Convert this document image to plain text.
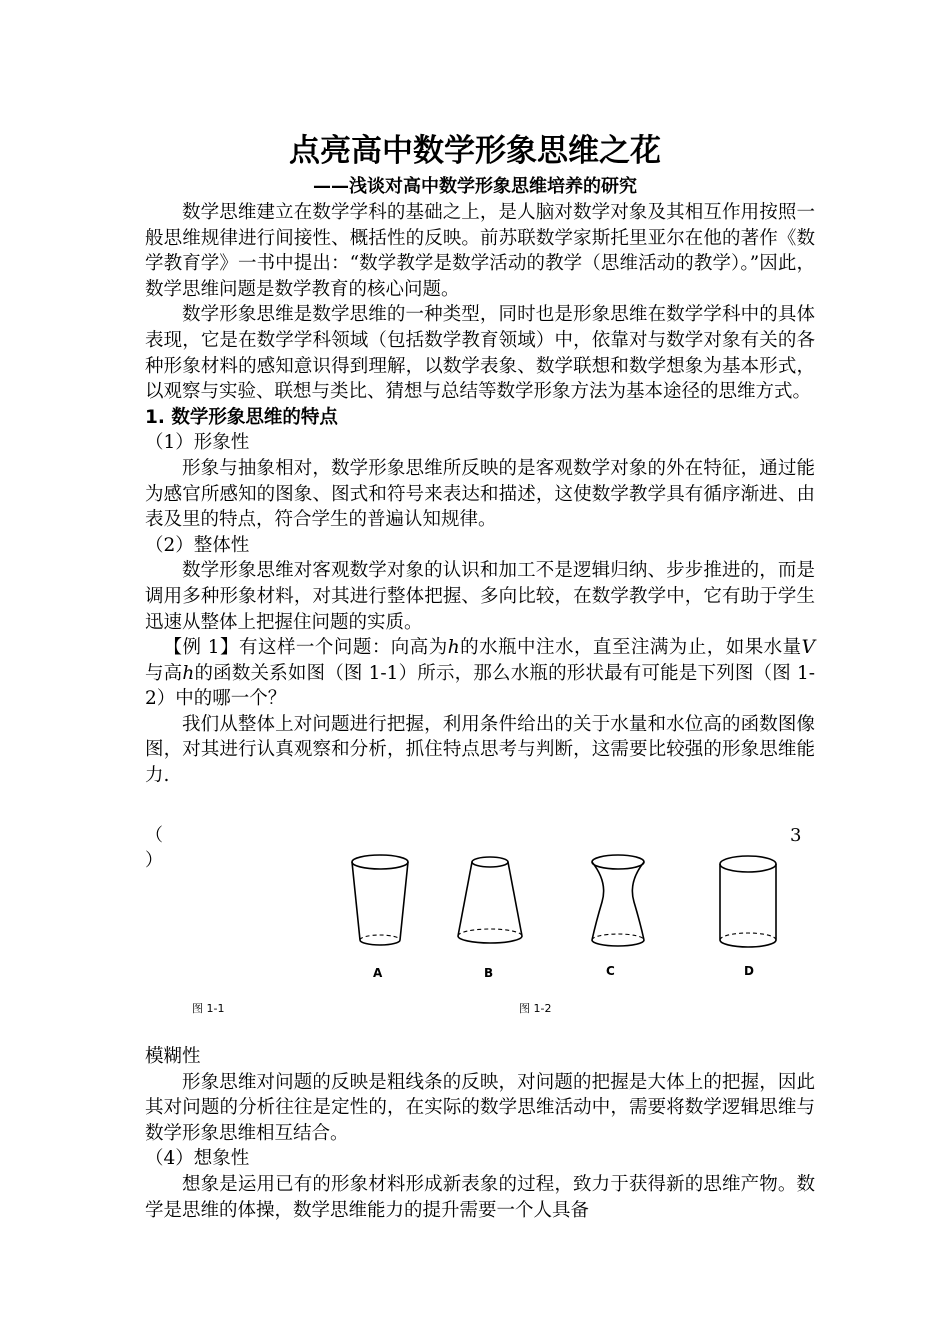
点亮高中数学形象思维之花
——浅谈对高中数学形象思维培养的研究

数学思维建立在数学学科的基础之上，是人脑对数学对象及其相互作用按照一般思维规律进行间接性、概括性的反映。前苏联数学家斯托里亚尔在他的著作《数学教育学》一书中提出：“数学教学是数学活动的教学（思维活动的教学）。”因此，数学思维问题是数学教育的核心问题。

数学形象思维是数学思维的一种类型，同时也是形象思维在数学学科中的具体表现，它是在数学学科领域（包括数学教育领域）中，依靠对与数学对象有关的各种形象材料的感知意识得到理解，以数学表象、数学联想和数学想象为基本形式，以观察与实验、联想与类比、猜想与总结等数学形象方法为基本途径的思维方式。

1. 数学形象思维的特点

（1）形象性

形象与抽象相对，数学形象思维所反映的是客观数学对象的外在特征，通过能为感官所感知的图象、图式和符号来表达和描述，这使数学教学具有循序渐进、由表及里的特点，符合学生的普遍认知规律。

（2）整体性

数学形象思维对客观数学对象的认识和加工不是逻辑归纳、步步推进的，而是调用多种形象材料，对其进行整体把握、多向比较，在数学教学中，它有助于学生迅速从整体上把握住问题的实质。

【例 1】有这样一个问题：向高为h的水瓶中注水，直至注满为止，如果水量V与高h的函数关系如图（图 1-1）所示，那么水瓶的形状最有可能是下列图（图 1-2）中的哪一个？

我们从整体上对问题进行把握，利用条件给出的关于水量和水位高的函数图像图，对其进行认真观察和分析，抓住特点思考与判断，这需要比较强的形象思维能力.

（
）
3
A	B	C	D
图 1-1	图 1-2

模糊性

形象思维对问题的反映是粗线条的反映，对问题的把握是大体上的把握，因此其对问题的分析往往是定性的，在实际的数学思维活动中，需要将数学逻辑思维与数学形象思维相互结合。

（4）想象性

想象是运用已有的形象材料形成新表象的过程，致力于获得新的思维产物。数学是思维的体操，数学思维能力的提升需要一个人具备
